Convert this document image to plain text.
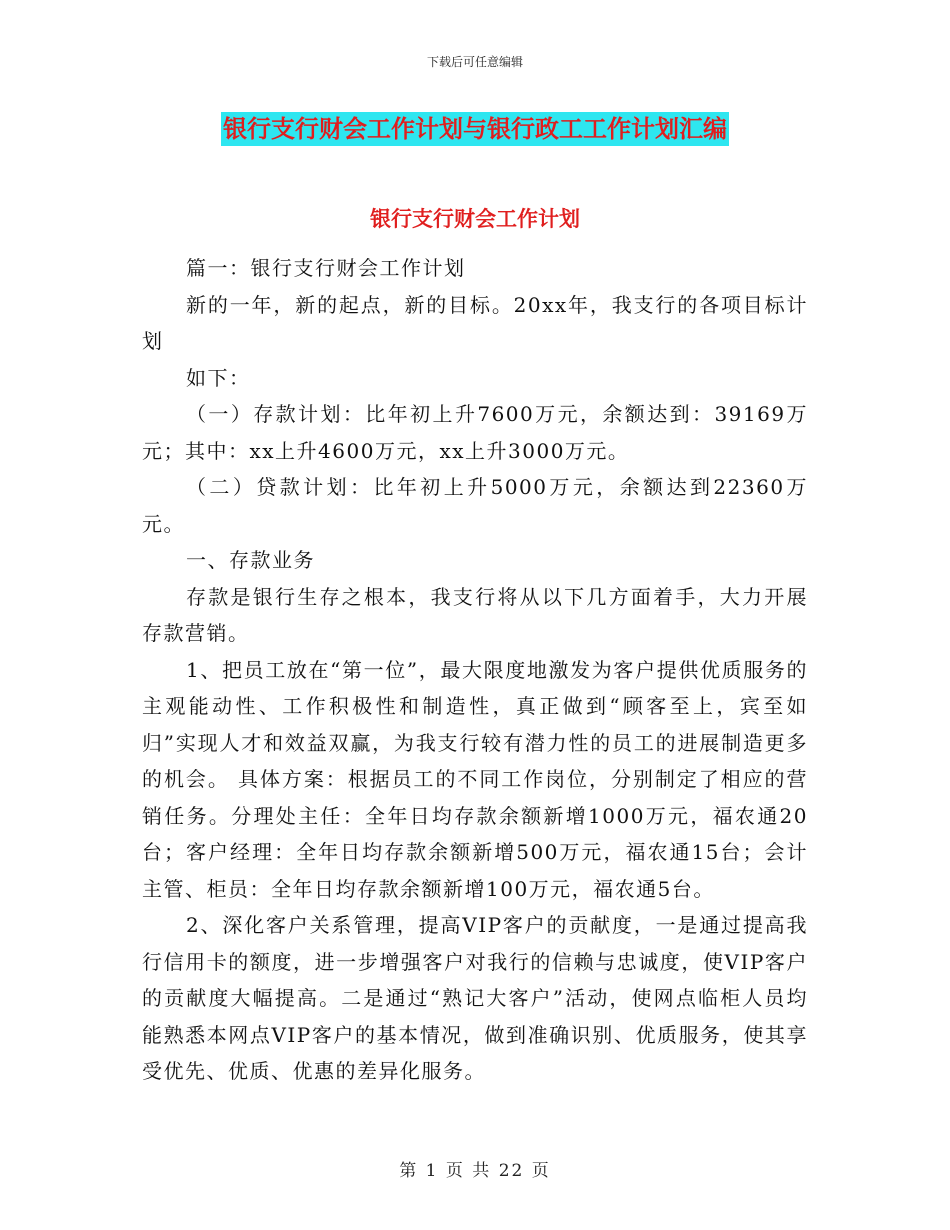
下载后可任意编辑
银行支行财会工作计划与银行政工工作计划汇编
银行支行财会工作计划

篇一：银行支行财会工作计划

新的一年，新的起点，新的目标。20xx年，我支行的各项目标计划

如下：

（一）存款计划：比年初上升7600万元，余额达到：39169万元；其中：xx上升4600万元，xx上升3000万元。

（二）贷款计划：比年初上升5000万元，余额达到22360万元。

一、存款业务

存款是银行生存之根本，我支行将从以下几方面着手，大力开展存款营销。

1、把员工放在“第一位”，最大限度地激发为客户提供优质服务的主观能动性、工作积极性和制造性，真正做到“顾客至上，宾至如归”实现人才和效益双赢，为我支行较有潜力性的员工的进展制造更多的机会。 具体方案：根据员工的不同工作岗位，分别制定了相应的营销任务。分理处主任：全年日均存款余额新增1000万元，福农通20台；客户经理：全年日均存款余额新增500万元，福农通15台；会计主管、柜员：全年日均存款余额新增100万元，福农通5台。

2、深化客户关系管理，提高VIP客户的贡献度，一是通过提高我行信用卡的额度，进一步增强客户对我行的信赖与忠诚度，使VIP客户的贡献度大幅提高。二是通过“熟记大客户”活动，使网点临柜人员均能熟悉本网点VIP客户的基本情况，做到准确识别、优质服务，使其享受优先、优质、优惠的差异化服务。

第 1 页 共 22 页
